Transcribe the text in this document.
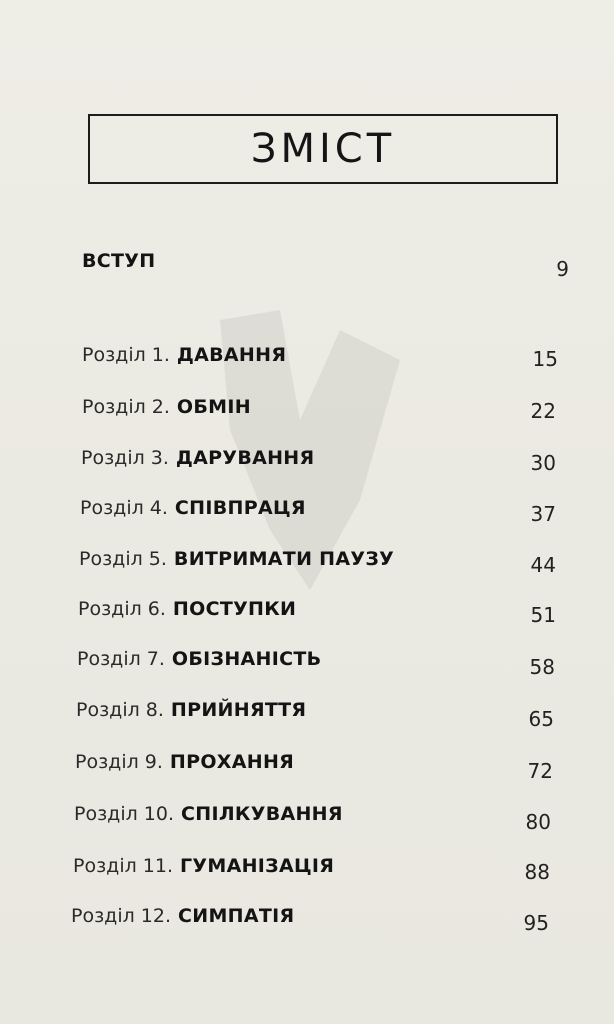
ЗМІСТ
ВСТУП	9
Розділ 1. ДАВАННЯ	15
Розділ 2. ОБМІН	22
Розділ 3. ДАРУВАННЯ	30
Розділ 4. СПІВПРАЦЯ	37
Розділ 5. ВИТРИМАТИ ПАУЗУ	44
Розділ 6. ПОСТУПКИ	51
Розділ 7. ОБІЗНАНІСТЬ	58
Розділ 8. ПРИЙНЯТТЯ	65
Розділ 9. ПРОХАННЯ	72
Розділ 10. СПІЛКУВАННЯ	80
Розділ 11. ГУМАНІЗАЦІЯ	88
Розділ 12. СИМПАТІЯ	95
